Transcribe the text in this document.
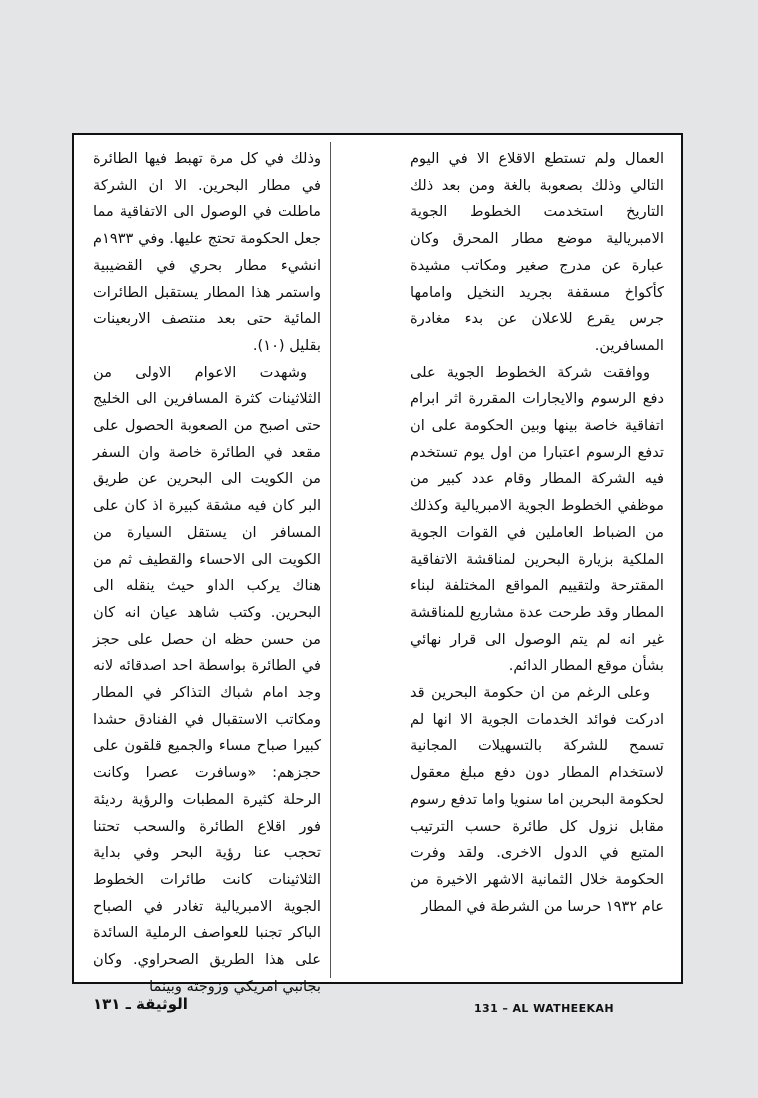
العمال ولم تستطع الاقلاع الا في اليوم التالي وذلك بصعوبة بالغة ومن بعد ذلك التاريخ استخدمت الخطوط الجوية الامبريالية موضع مطار المحرق وكان عبارة عن مدرج صغير ومكاتب مشيدة كأكواخ مسقفة بجريد النخيل وامامها جرس يقرع للاعلان عن بدء مغادرة المسافرين.

ووافقت شركة الخطوط الجوية على دفع الرسوم والايجارات المقررة اثر ابرام اتفاقية خاصة بينها وبين الحكومة على ان تدفع الرسوم اعتبارا من اول يوم تستخدم فيه الشركة المطار وقام عدد كبير من موظفي الخطوط الجوية الامبريالية وكذلك من الضباط العاملين في القوات الجوية الملكية بزيارة البحرين لمناقشة الاتفاقية المقترحة ولتقييم المواقع المختلفة لبناء المطار وقد طرحت عدة مشاريع للمناقشة غير انه لم يتم الوصول الى قرار نهائي بشأن موقع المطار الدائم.

وعلى الرغم من ان حكومة البحرين قد ادركت فوائد الخدمات الجوية الا انها لم تسمح للشركة بالتسهيلات المجانية لاستخدام المطار دون دفع مبلغ معقول لحكومة البحرين اما سنويا واما تدفع رسوم مقابل نزول كل طائرة حسب الترتيب المتبع في الدول الاخرى. ولقد وفرت الحكومة خلال الثمانية الاشهر الاخيرة من عام ١٩٣٢ حرسا من الشرطة في المطار

وذلك في كل مرة تهبط فيها الطائرة في مطار البحرين. الا ان الشركة ماطلت في الوصول الى الاتفاقية مما جعل الحكومة تحتج عليها. وفي ١٩٣٣م انشيء مطار بحري في القضيبية واستمر هذا المطار يستقبل الطائرات المائية حتى بعد منتصف الاربعينات بقليل (١٠).

وشهدت الاعوام الاولى من الثلاثينات كثرة المسافرين الى الخليج حتى اصبح من الصعوبة الحصول على مقعد في الطائرة خاصة وان السفر من الكويت الى البحرين عن طريق البر كان فيه مشقة كبيرة اذ كان على المسافر ان يستقل السيارة من الكويت الى الاحساء والقطيف ثم من هناك يركب الداو حيث ينقله الى البحرين. وكتب شاهد عيان انه كان من حسن حظه ان حصل على حجز في الطائرة بواسطة احد اصدقائه لانه وجد امام شباك التذاكر في المطار ومكاتب الاستقبال في الفنادق حشدا كبيرا صباح مساء والجميع قلقون على حجزهم: «وسافرت عصرا وكانت الرحلة كثيرة المطبات والرؤية رديئة فور اقلاع الطائرة والسحب تحتنا تحجب عنا رؤية البحر وفي بداية الثلاثينات كانت طائرات الخطوط الجوية الامبريالية تغادر في الصباح الباكر تجنبا للعواصف الرملية السائدة على هذا الطريق الصحراوي. وكان بجانبي امريكي وزوجته وبينما

الوثيقة ـ ١٣١	131 – AL WATHEEKAH
